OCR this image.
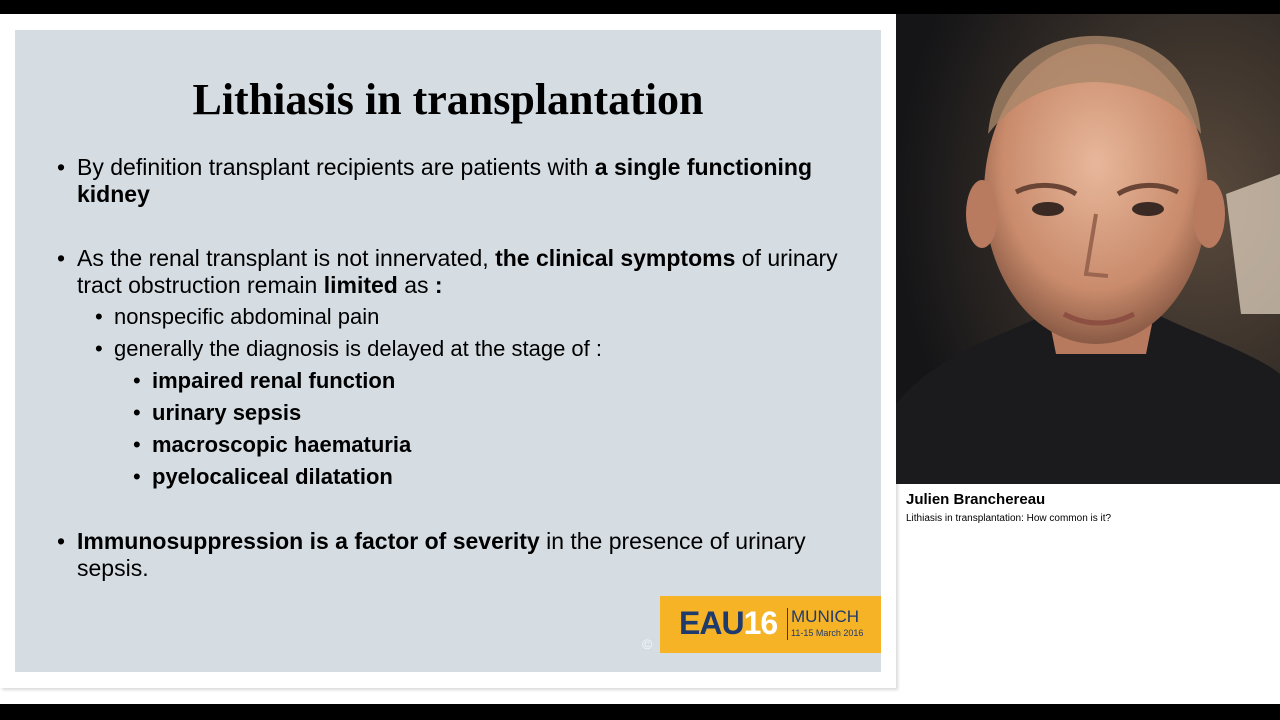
Lithiasis in transplantation
• By definition transplant recipients are patients with a single functioning kidney
• As the renal transplant is not innervated, the clinical symptoms of urinary tract obstruction remain limited as :
• nonspecific abdominal pain
• generally the diagnosis is delayed at the stage of :
• impaired renal function
• urinary sepsis
• macroscopic haematuria
• pyelocaliceal dilatation
• Immunosuppression is a factor of severity in the presence of urinary sepsis.
©
EAU16 MUNICH
11-15 March 2016
Julien Branchereau
Lithiasis in transplantation: How common is it?
